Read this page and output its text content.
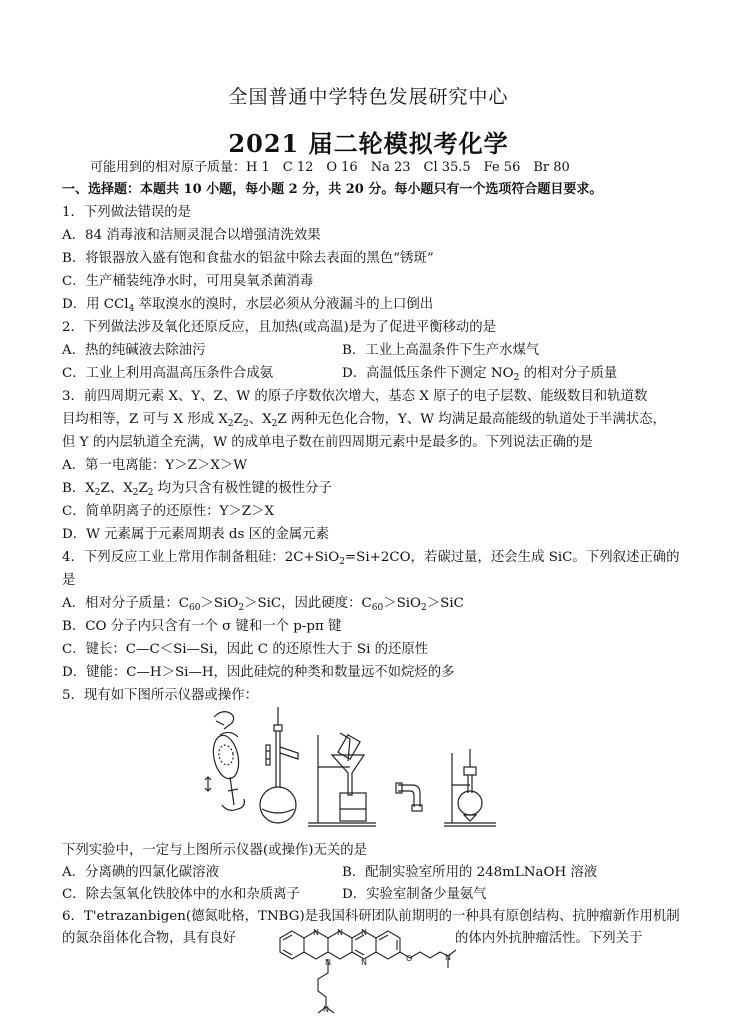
全国普通中学特色发展研究中心
2021 届二轮模拟考化学
可能用到的相对原子质量：H 1　C 12　O 16　Na 23　Cl 35.5　Fe 56　Br 80
一、选择题：本题共 10 小题，每小题 2 分，共 20 分。每小题只有一个选项符合题目要求。
1．下列做法错误的是
A．84 消毒液和洁厕灵混合以增强清洗效果
B．将银器放入盛有饱和食盐水的铝盆中除去表面的黑色“锈斑”
C．生产桶装纯净水时，可用臭氧杀菌消毒
D．用 CCl$_4$ 萃取溴水的溴时，水层必须从分液漏斗的上口倒出
2．下列做法涉及氧化还原反应，且加热(或高温)是为了促进平衡移动的是
A．热的纯碱液去除油污	B．工业上高温条件下生产水煤气
C．工业上利用高温高压条件合成氨	D．高温低压条件下测定 $NO_2$ 的相对分子质量
3．前四周期元素 X、Y、Z、W 的原子序数依次增大，基态 X 原子的电子层数、能级数目和轨道数
目均相等，Z 可与 X 形成 $X_2Z_2$、$X_2Z$ 两种无色化合物，Y、W 均满足最高能级的轨道处于半满状态，
但 Y 的内层轨道全充满，W 的成单电子数在前四周期元素中是最多的。下列说法正确的是
A．第一电离能：Y＞Z＞X＞W
B．$X_2Z$、$X_2Z_2$ 均为只含有极性键的极性分子
C．简单阴离子的还原性：Y＞Z＞X
D．W 元素属于元素周期表 ds 区的金属元素
4．下列反应工业上常用作制备粗硅：2C+SiO$_2$=Si+2CO，若碳过量，还会生成 SiC。下列叙述正确的
是
A．相对分子质量：$C_{60}>SiO_2>SiC$，因此硬度：$C_{60}>SiO_2>SiC$
B．CO 分子内只含有一个 σ 键和一个 p-pπ 键
C．键长：C—C＜Si—Si，因此 C 的还原性大于 Si 的还原性
D．键能：C—H＞Si—H，因此硅烷的种类和数量远不如烷烃的多
5．现有如下图所示仪器或操作：
下列实验中，一定与上图所示仪器(或操作)无关的是
A．分离碘的四氯化碳溶液	B．配制实验室所用的 248mLNaOH 溶液
C．除去氢氧化铁胶体中的水和杂质离子	D．实验室制备少量氨气
6．T'etrazanbigen(德氮吡格，TNBG)是我国科研团队前期明的一种具有原创结构、抗肿瘤新作用机制
的氮杂甾体化合物，具有良好	的体内外抗肿瘤活性。下列关于
N N N
N	N	O	N
N
